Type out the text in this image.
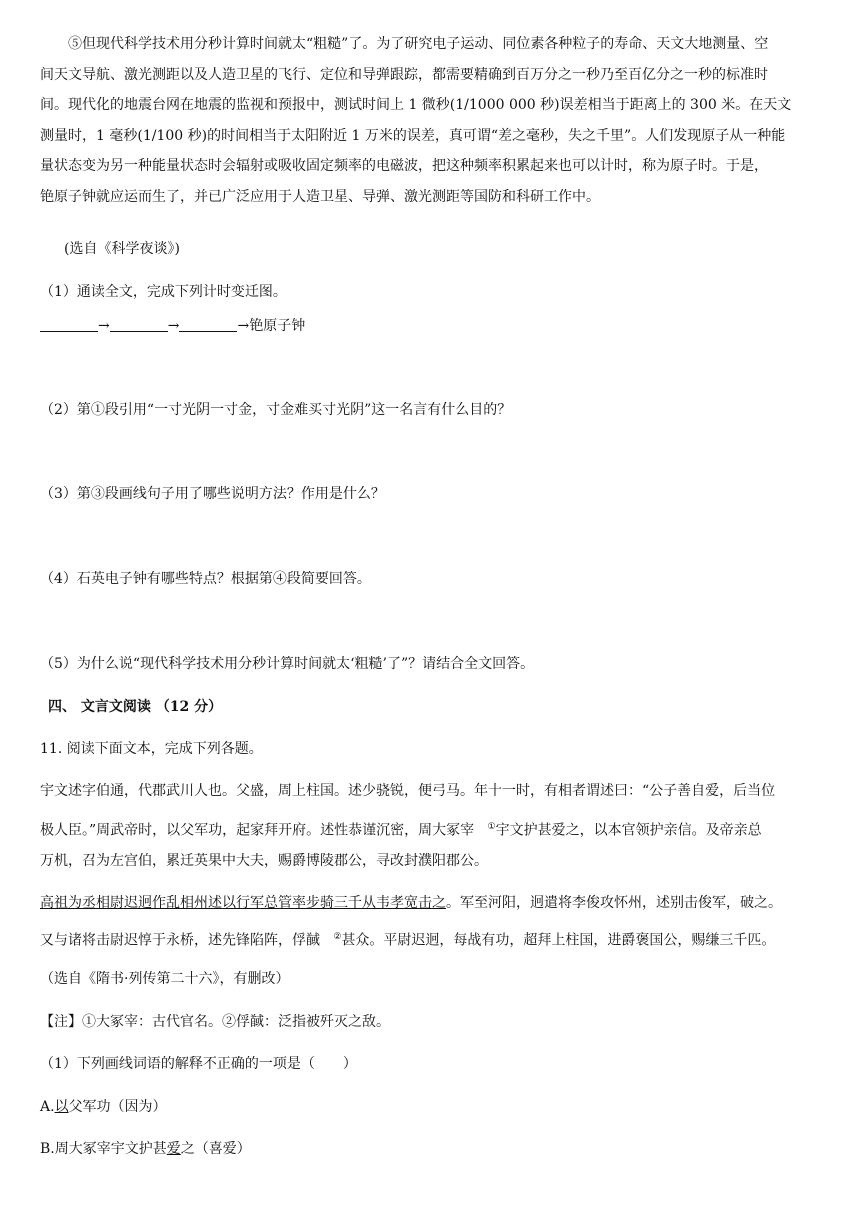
⑤但现代科学技术用分秒计算时间就太“粗糙”了。为了研究电子运动、同位素各种粒子的寿命、天文大地测量、空
间天文导航、激光测距以及人造卫星的飞行、定位和导弹跟踪，都需要精确到百万分之一秒乃至百亿分之一秒的标准时
间。现代化的地震台网在地震的监视和预报中，测试时间上 1 微秒(1/1000 000 秒)误差相当于距离上的 300 米。在天文
测量时，1 毫秒(1/100 秒)的时间相当于太阳附近 1 万米的误差，真可谓“差之毫秒，失之千里”。人们发现原子从一种能
量状态变为另一种能量状态时会辐射或吸收固定频率的电磁波，把这种频率积累起来也可以计时，称为原子时。于是，
铯原子钟就应运而生了，并已广泛应用于人造卫星、导弹、激光测距等国防和科研工作中。
(选自《科学夜谈》)
（1）通读全文，完成下列计时变迁图。
→	→	→铯原子钟
（2）第①段引用“一寸光阴一寸金，寸金难买寸光阴”这一名言有什么目的？
（3）第③段画线句子用了哪些说明方法？作用是什么？
（4）石英电子钟有哪些特点？根据第④段简要回答。
（5）为什么说“现代科学技术用分秒计算时间就太‘粗糙’了”？请结合全文回答。
四、 文言文阅读 （12 分）
11. 阅读下面文本，完成下列各题。
宇文述字伯通，代郡武川人也。父盛，周上柱国。述少骁锐，便弓马。年十一时，有相者谓述曰：“公子善自爱，后当位
极人臣。”周武帝时，以父军功，起家拜开府。述性恭谨沉密，周大冢宰 ①宇文护甚爱之，以本官领护亲信。及帝亲总
万机，召为左宫伯，累迁英果中大夫，赐爵博陵郡公，寻改封濮阳郡公。
高祖为丞相尉迟迥作乱相州述以行军总管率步骑三千从韦孝宽击之。军至河阳，迥遣将李俊攻怀州，述别击俊军，破之。
又与诸将击尉迟惇于永桥，述先锋陷阵，俘馘 ②甚众。平尉迟迥，每战有功，超拜上柱国，进爵褒国公，赐缣三千匹。
（选自《隋书·列传第二十六》，有删改）
【注】①大冢宰：古代官名。②俘馘：泛指被歼灭之敌。
（1）下列画线词语的解释不正确的一项是（　　）
A.以父军功（因为）
B.周大冢宰宇文护甚爱之（喜爱）
